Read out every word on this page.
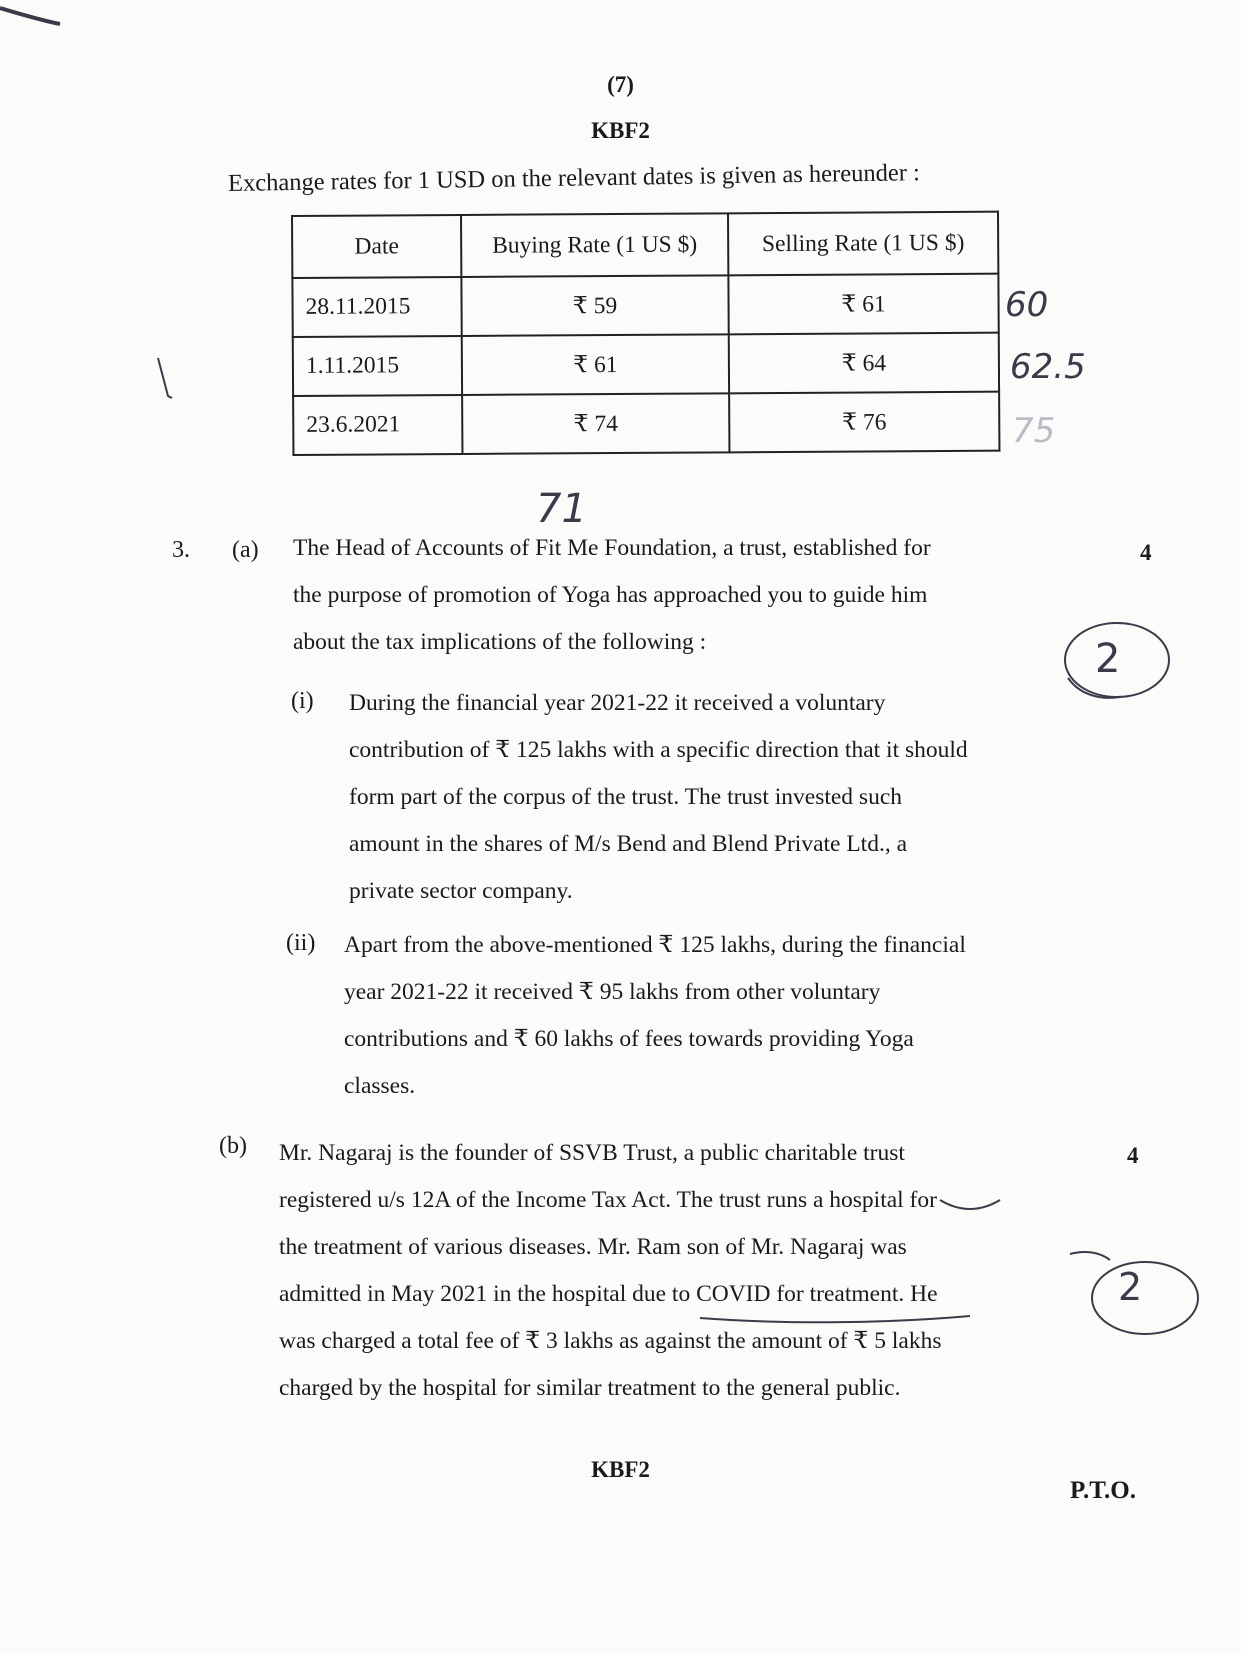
(7)
KBF2
Exchange rates for 1 USD on the relevant dates is given as hereunder :
Date	Buying Rate (1 US $)	Selling Rate (1 US $)
28.11.2015	₹ 59	₹ 61
1.11.2015	₹ 61	₹ 64
23.6.2021	₹ 74	₹ 76
60
62.5
75
71
2
2
3. (a)	4
The Head of Accounts of Fit Me Foundation, a trust, established for
the purpose of promotion of Yoga has approached you to guide him
about the tax implications of the following :
(i) During the financial year 2021-22 it received a voluntary
contribution of ₹ 125 lakhs with a specific direction that it should
form part of the corpus of the trust. The trust invested such
amount in the shares of M/s Bend and Blend Private Ltd., a
private sector company.
(ii) Apart from the above-mentioned ₹ 125 lakhs, during the financial
year 2021-22 it received ₹ 95 lakhs from other voluntary
contributions and ₹ 60 lakhs of fees towards providing Yoga
classes.
(b)	4
Mr. Nagaraj is the founder of SSVB Trust, a public charitable trust
registered u/s 12A of the Income Tax Act. The trust runs a hospital for
the treatment of various diseases. Mr. Ram son of Mr. Nagaraj was
admitted in May 2021 in the hospital due to COVID for treatment. He
was charged a total fee of ₹ 3 lakhs as against the amount of ₹ 5 lakhs
charged by the hospital for similar treatment to the general public.
KBF2
P.T.O.
